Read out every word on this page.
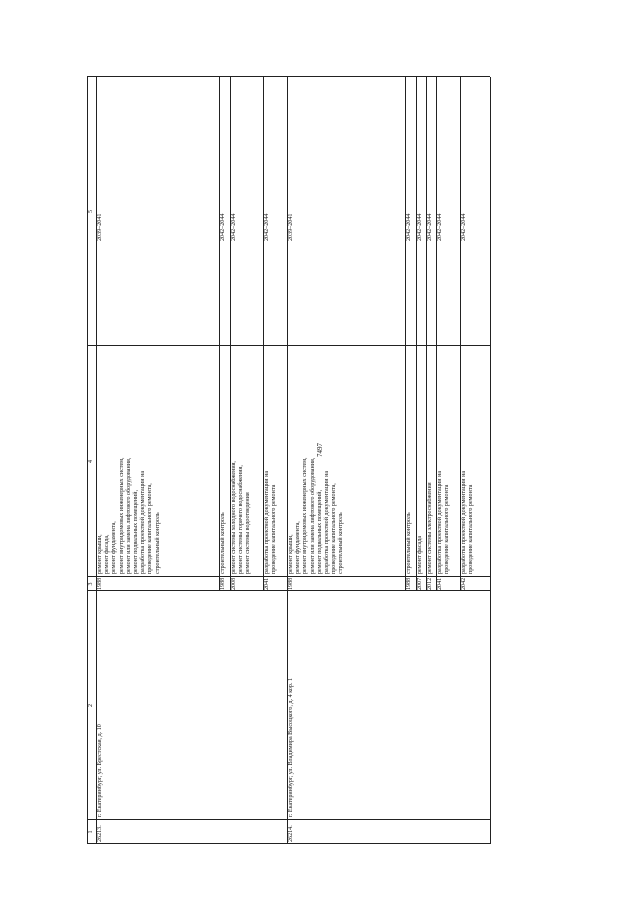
7497
1
2
3
4
5
26213.
г. Екатеринбург, ул. Брестская, д. 10
1988
ремонт крыши, ремонт фасада, ремонт фундамента, ремонт внутридомовых инженерных систем, ремонт или замена лифтового оборудования, ремонт подвальных помещений, разработка проектной документации на проведение капитального ремонта, строительный контроль
2039–2041
1988
строительный контроль
2042–2044
2008
ремонт системы холодного водоснабжения, ремонт системы горячего водоснабжения, ремонт системы водоотведения
2042–2044
2041
разработка проектной документации на проведение капитального ремонта
2042–2044
26214.
г. Екатеринбург, ул. Владимира Высоцкого, д. 4 кор. 1
1988
ремонт крыши, ремонт фундамента, ремонт внутридомовых инженерных систем, ремонт или замена лифтового оборудования, ремонт подвальных помещений, разработка проектной документации на проведение капитального ремонта, строительный контроль
2039–2041
1988
строительный контроль
2042–2044
2007
ремонт фасада
2042–2044
2012
ремонт системы электроснабжения
2042–2044
2041
разработка проектной документации на проведение капитального ремонта
2042–2044
2042
разработка проектной документации на проведение капитального ремонта
2042–2044
